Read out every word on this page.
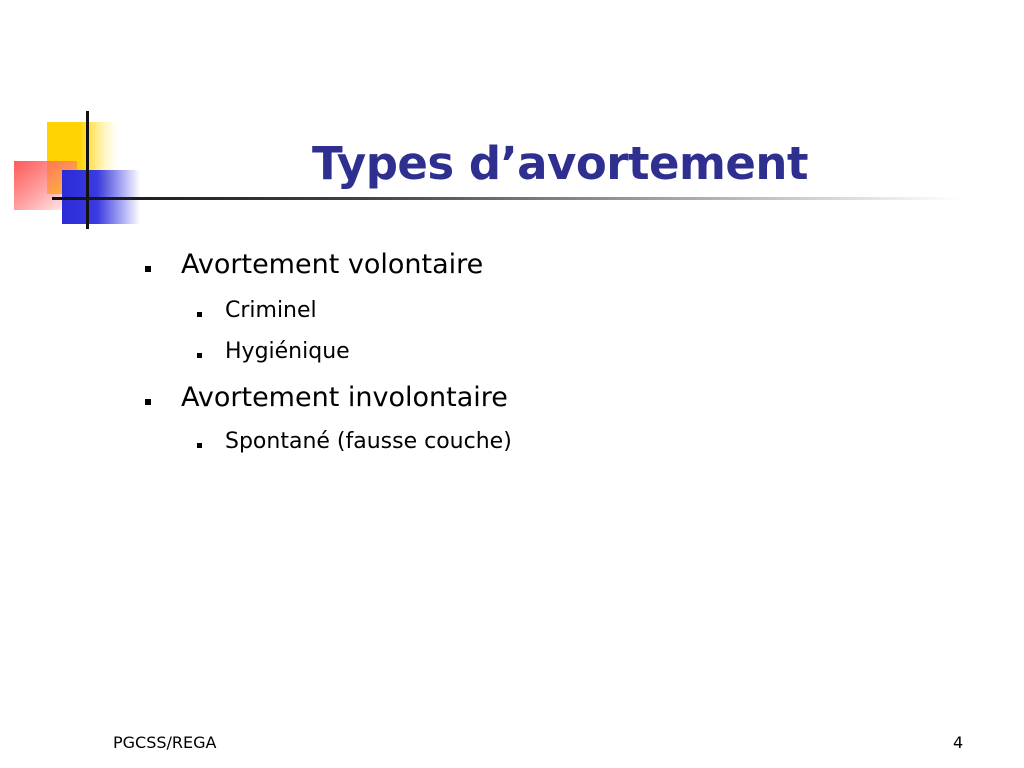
Types d’avortement
Avortement volontaire
Criminel
Hygiénique
Avortement involontaire
Spontané (fausse couche)
PGCSS/REGA	4
